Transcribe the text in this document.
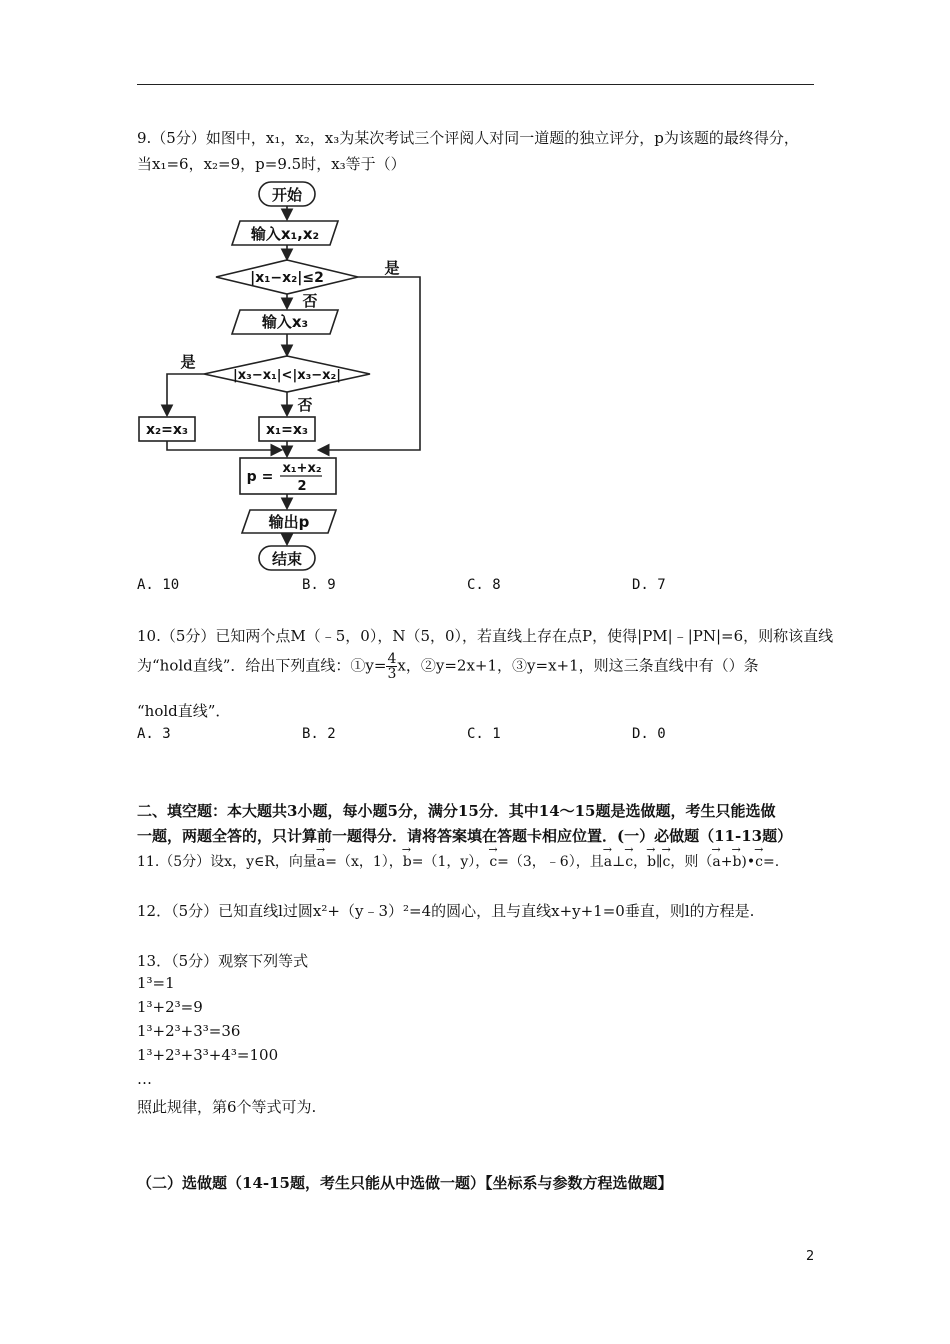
9.（5分）如图中，x₁，x₂，x₃为某次考试三个评阅人对同一道题的独立评分，p为该题的最终得分，
当x₁=6，x₂=9，p=9.5时，x₃等于（）
开始
输入x₁,x₂
|x₁−x₂|≤2
是
否
输入x₃
|x₃−x₁|<|x₃−x₂|
是
否
x₂=x₃	x₁=x₃
p =
x₁+x₂
2
输出p
结束
A. 10	B. 9	C. 8	D. 7
10.（5分）已知两个点M（﹣5，0），N（5，0），若直线上存在点P，使得|PM|﹣|PN|=6，则称该直线
为“hold直线”．给出下列直线：①y= $\frac{4}{3}$ x，②y=2x+1，③y=x+1，则这三条直线中有（）条
“hold直线”．
A. 3	B. 2	C. 1	D. 0
二、填空题：本大题共3小题，每小题5分，满分15分．其中14～15题是选做题，考生只能选做
一题，两题全答的，只计算前一题得分．请将答案填在答题卡相应位置．(一）必做题（11-13题）
11.（5分）设x，y∈R，向量→ a=（x，1），→ b=（1，y），→ c=（3，﹣6），且→ a⊥→ c，→ b∥→ c，则（→ a+→ b)•→ c=.
12．（5分）已知直线l过圆x²+（y﹣3）²=4的圆心，且与直线x+y+1=0垂直，则l的方程是.
13．（5分）观察下列等式
1³=1
1³+2³=9
1³+2³+3³=36
1³+2³+3³+4³=100
…
照此规律，第6个等式可为.
（二）选做题（14-15题，考生只能从中选做一题）【坐标系与参数方程选做题】
2
